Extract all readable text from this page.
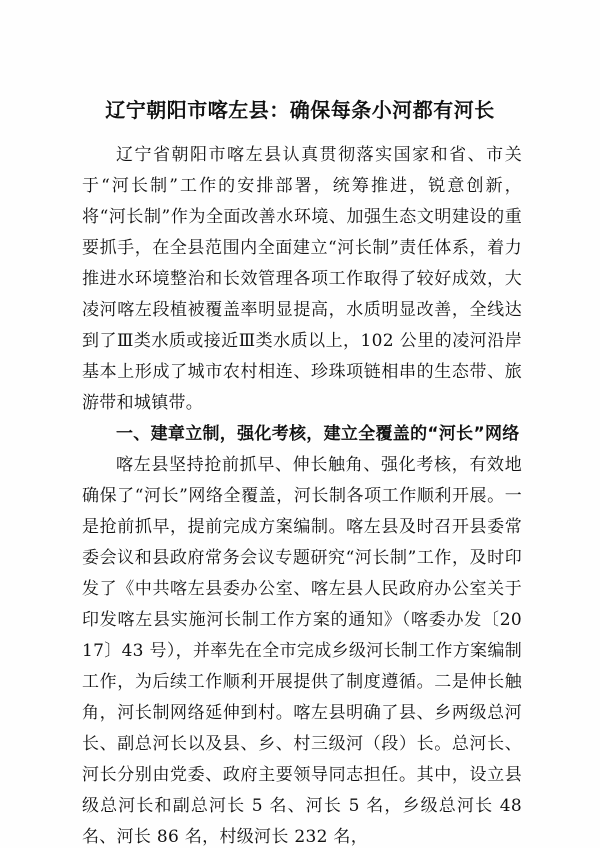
辽宁朝阳市喀左县：确保每条小河都有河长

辽宁省朝阳市喀左县认真贯彻落实国家和省、市关于“河长制”工作的安排部署，统筹推进，锐意创新，将“河长制”作为全面改善水环境、加强生态文明建设的重要抓手，在全县范围内全面建立“河长制”责任体系，着力推进水环境整治和长效管理各项工作取得了较好成效，大凌河喀左段植被覆盖率明显提高，水质明显改善，全线达到了Ⅲ类水质或接近Ⅲ类水质以上，102 公里的凌河沿岸基本上形成了城市农村相连、珍珠项链相串的生态带、旅游带和城镇带。

一、建章立制，强化考核，建立全覆盖的“河长”网络

喀左县坚持抢前抓早、伸长触角、强化考核，有效地确保了“河长”网络全覆盖，河长制各项工作顺利开展。一是抢前抓早，提前完成方案编制。喀左县及时召开县委常委会议和县政府常务会议专题研究“河长制”工作，及时印发了《中共喀左县委办公室、喀左县人民政府办公室关于印发喀左县实施河长制工作方案的通知》（喀委办发〔2017〕43 号），并率先在全市完成乡级河长制工作方案编制工作，为后续工作顺利开展提供了制度遵循。二是伸长触角，河长制网络延伸到村。喀左县明确了县、乡两级总河长、副总河长以及县、乡、村三级河（段）长。总河长、河长分别由党委、政府主要领导同志担任。其中，设立县级总河长和副总河长 5 名、河长 5 名，乡级总河长 48 名、河长 86 名，村级河长 232 名，
